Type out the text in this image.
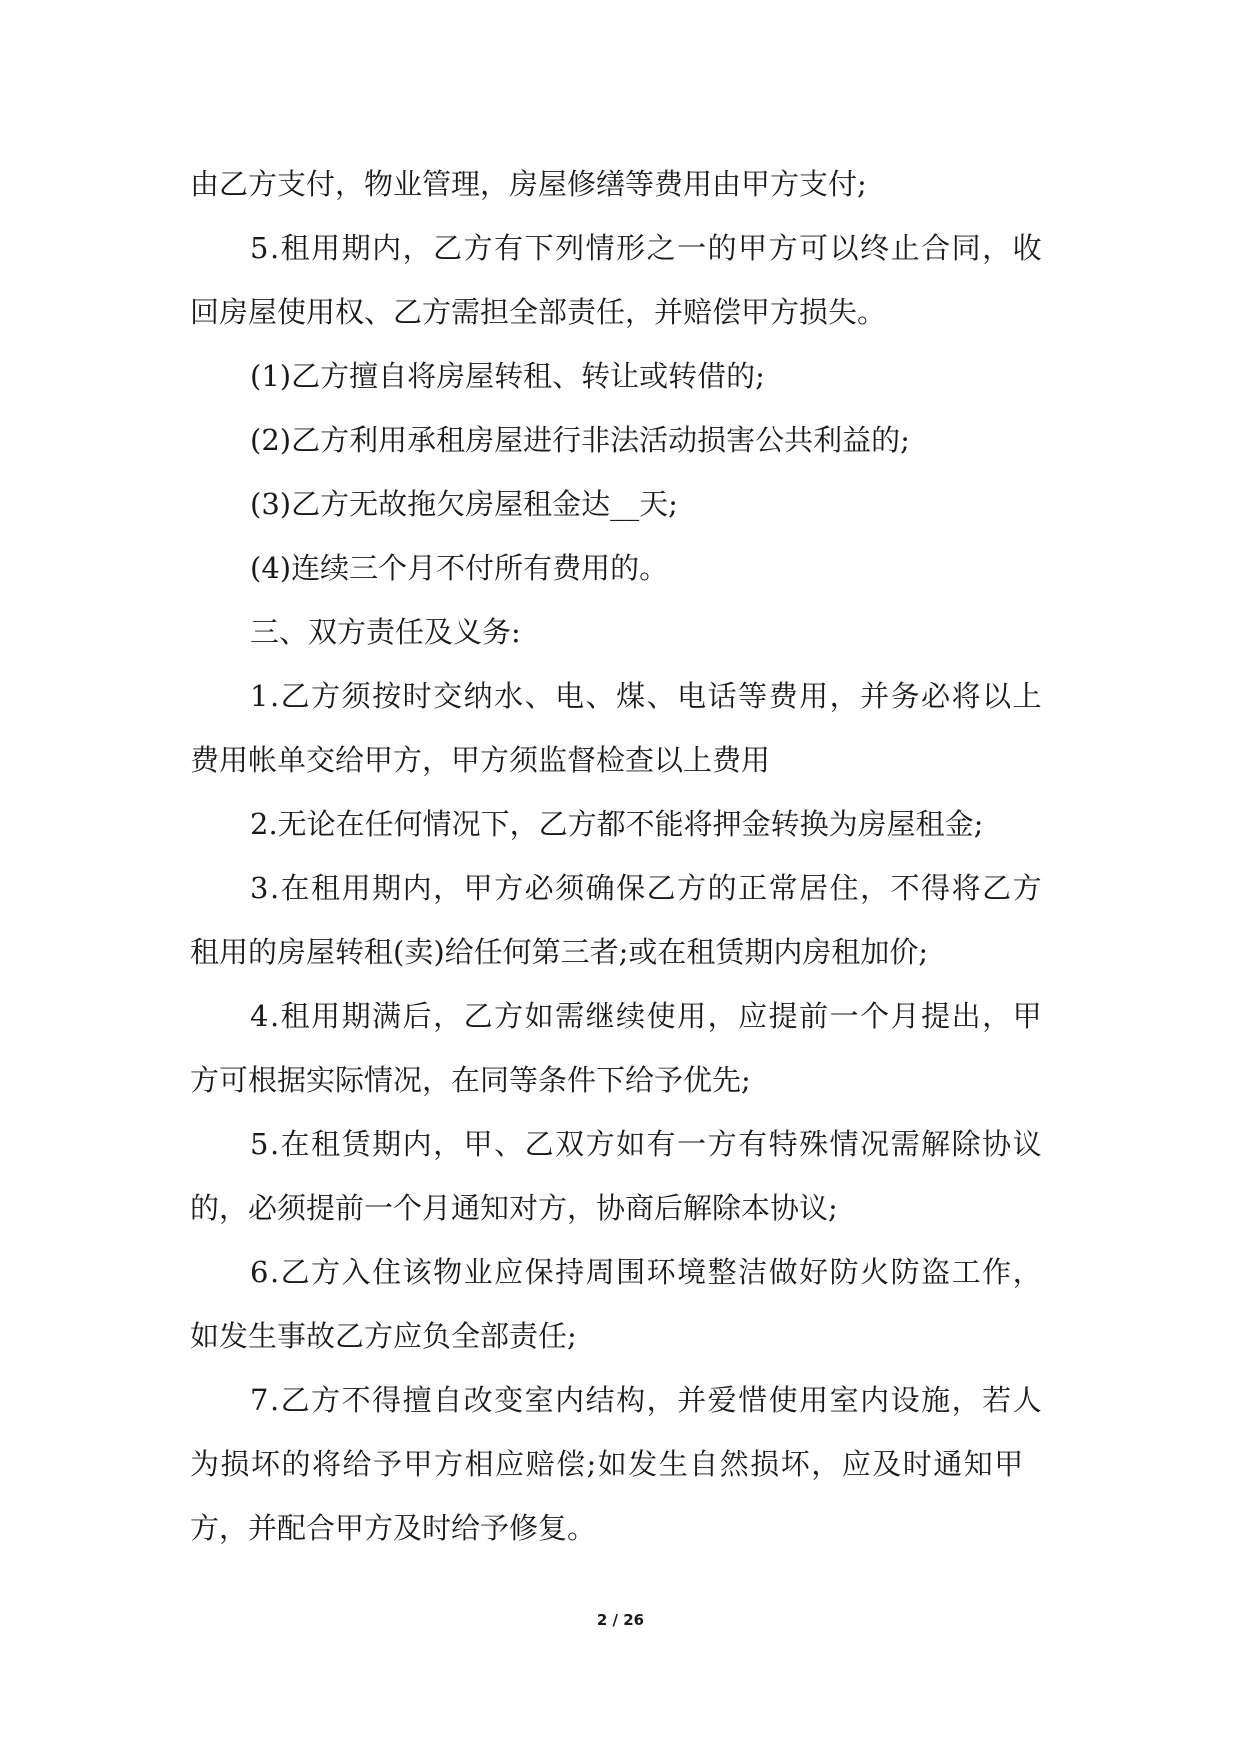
由乙方支付，物业管理，房屋修缮等费用由甲方支付;
5.租用期内，乙方有下列情形之一的甲方可以终止合同，收
回房屋使用权、乙方需担全部责任，并赔偿甲方损失。
(1)乙方擅自将房屋转租、转让或转借的;
(2)乙方利用承租房屋进行非法活动损害公共利益的;
(3)乙方无故拖欠房屋租金达__天;
(4)连续三个月不付所有费用的。
三、双方责任及义务:
1.乙方须按时交纳水、电、煤、电话等费用，并务必将以上
费用帐单交给甲方，甲方须监督检查以上费用
2.无论在任何情况下，乙方都不能将押金转换为房屋租金;
3.在租用期内，甲方必须确保乙方的正常居住，不得将乙方
租用的房屋转租(卖)给任何第三者;或在租赁期内房租加价;
4.租用期满后，乙方如需继续使用，应提前一个月提出，甲
方可根据实际情况，在同等条件下给予优先;
5.在租赁期内，甲、乙双方如有一方有特殊情况需解除协议
的，必须提前一个月通知对方，协商后解除本协议;
6.乙方入住该物业应保持周围环境整洁做好防火防盗工作，
如发生事故乙方应负全部责任;
7.乙方不得擅自改变室内结构，并爱惜使用室内设施，若人
为损坏的将给予甲方相应赔偿;如发生自然损坏，应及时通知甲
方，并配合甲方及时给予修复。
2 / 26
